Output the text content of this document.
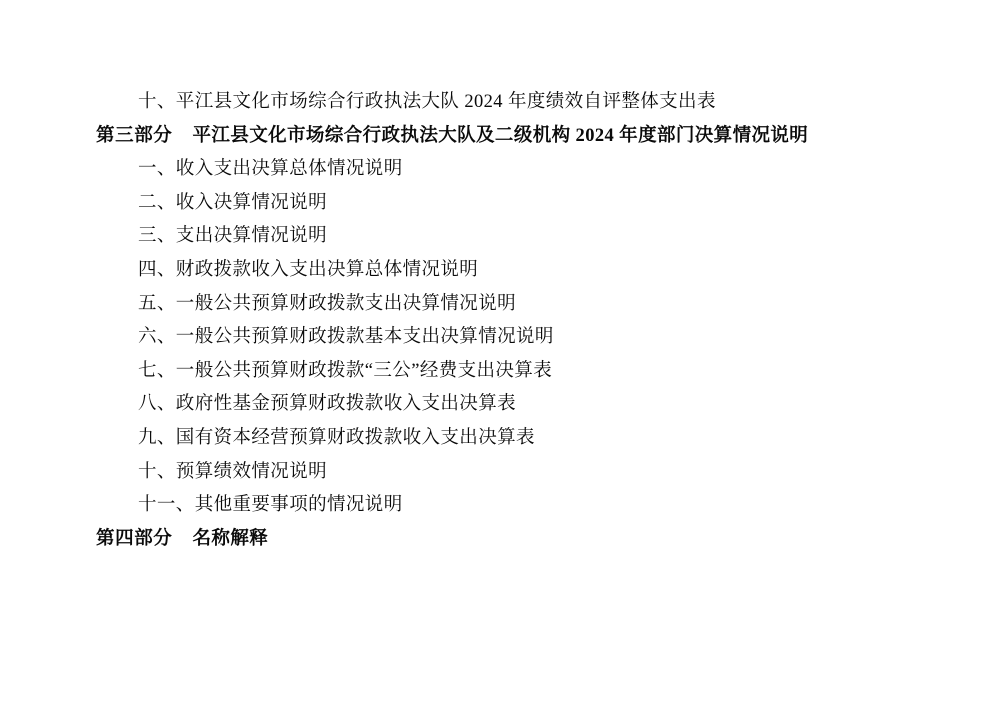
十、平江县文化市场综合行政执法大队 2024 年度绩效自评整体支出表
第三部分 平江县文化市场综合行政执法大队及二级机构 2024 年度部门决算情况说明
一、收入支出决算总体情况说明
二、收入决算情况说明
三、支出决算情况说明
四、财政拨款收入支出决算总体情况说明
五、一般公共预算财政拨款支出决算情况说明
六、一般公共预算财政拨款基本支出决算情况说明
七、一般公共预算财政拨款“三公”经费支出决算表
八、政府性基金预算财政拨款收入支出决算表
九、国有资本经营预算财政拨款收入支出决算表
十、预算绩效情况说明
十一、其他重要事项的情况说明
第四部分 名称解释
